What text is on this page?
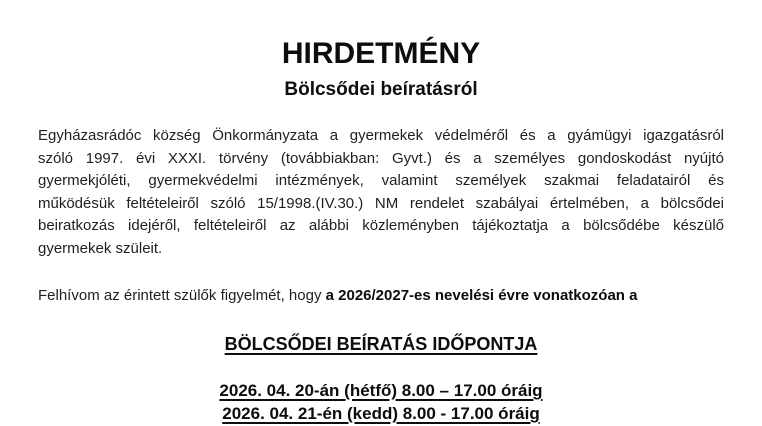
HIRDETMÉNY
Bölcsődei beíratásról
Egyházasrádóc község Önkormányzata a gyermekek védelméről és a gyámügyi igazgatásról
szóló 1997. évi XXXI. törvény (továbbiakban: Gyvt.) és a személyes gondoskodást nyújtó
gyermekjóléti, gyermekvédelmi intézmények, valamint személyek szakmai feladatairól és
működésük feltételeiről szóló 15/1998.(IV.30.) NM rendelet szabályai értelmében, a bölcsődei
beiratkozás idejéről, feltételeiről az alábbi közleményben tájékoztatja a bölcsődébe készülő
gyermekek szüleit.
Felhívom az érintett szülők figyelmét, hogy a 2026/2027-es nevelési évre vonatkozóan a
BÖLCSŐDEI BEÍRATÁS IDŐPONTJA
2026. 04. 20-án (hétfő) 8.00 – 17.00 óráig
2026. 04. 21-én (kedd) 8.00 - 17.00 óráig
